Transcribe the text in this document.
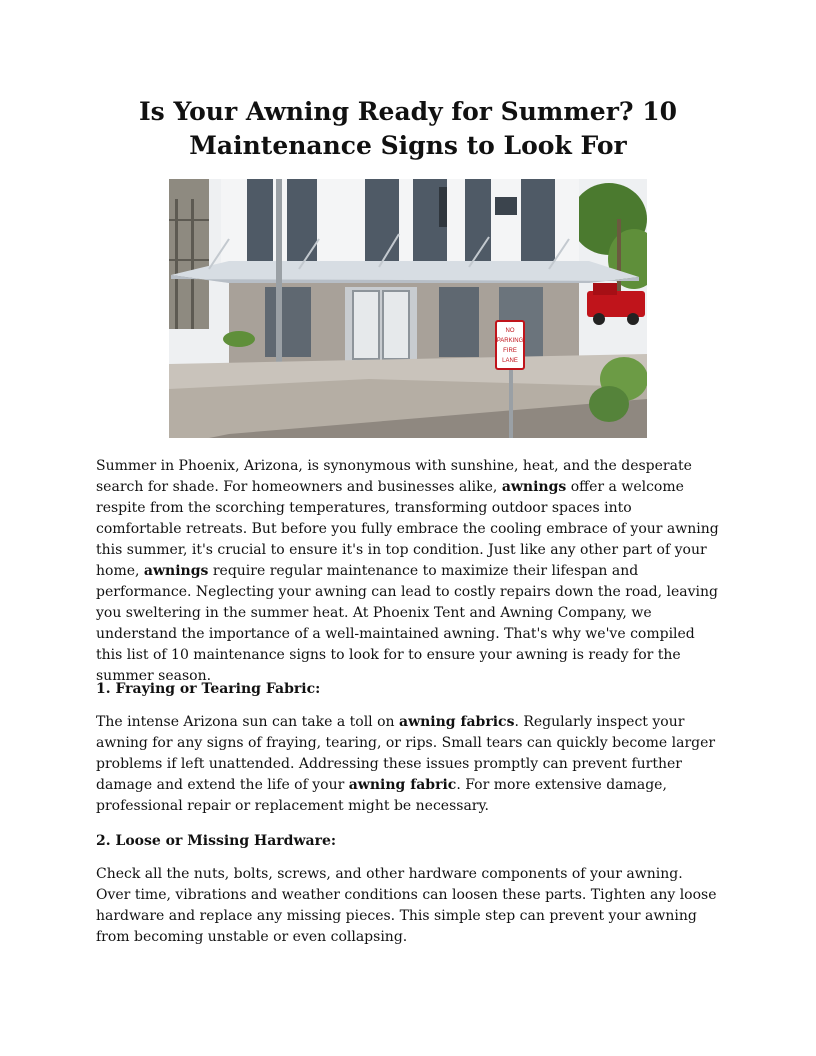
Is Your Awning Ready for Summer? 10 Maintenance Signs to Look For
NO
PARKING
FIRE
LANE

Summer in Phoenix, Arizona, is synonymous with sunshine, heat, and the desperate search for shade. For homeowners and businesses alike, awnings offer a welcome respite from the scorching temperatures, transforming outdoor spaces into comfortable retreats. But before you fully embrace the cooling embrace of your awning this summer, it's crucial to ensure it's in top condition. Just like any other part of your home, awnings require regular maintenance to maximize their lifespan and performance. Neglecting your awning can lead to costly repairs down the road, leaving you sweltering in the summer heat. At Phoenix Tent and Awning Company, we understand the importance of a well-maintained awning. That's why we've compiled this list of 10 maintenance signs to look for to ensure your awning is ready for the summer season.

1. Fraying or Tearing Fabric:

The intense Arizona sun can take a toll on awning fabrics. Regularly inspect your awning for any signs of fraying, tearing, or rips. Small tears can quickly become larger problems if left unattended. Addressing these issues promptly can prevent further damage and extend the life of your awning fabric. For more extensive damage, professional repair or replacement might be necessary.

2. Loose or Missing Hardware:

Check all the nuts, bolts, screws, and other hardware components of your awning. Over time, vibrations and weather conditions can loosen these parts. Tighten any loose hardware and replace any missing pieces. This simple step can prevent your awning from becoming unstable or even collapsing.
